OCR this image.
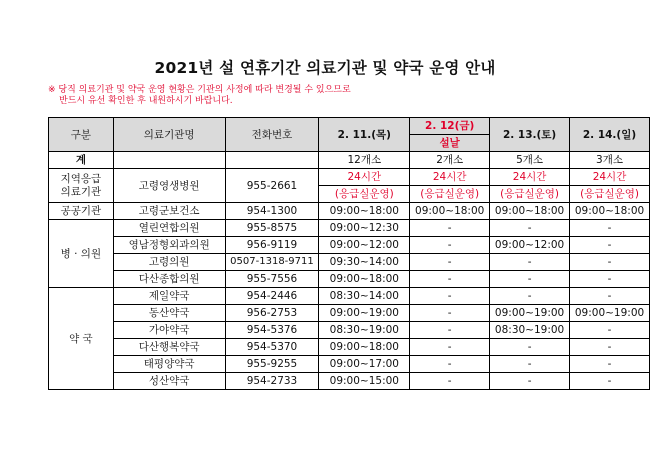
2021년 설 연휴기간 의료기관 및 약국 운영 안내
※ 당직 의료기관 및 약국 운영 현황은 기관의 사정에 따라 변경될 수 있으므로
반드시 유선 확인한 후 내원하시기 바랍니다.
구분	의료기관명	전화번호	2. 11.(목)	2. 12(금)	2. 13.(토)	2. 14.(일)
				설날		
계			12개소	2개소	5개소	3개소

지역응급
의료기관	고령영생병원	955-2661	24시간	24시간	24시간	24시간
			(응급실운영)	(응급실운영)	(응급실운영)	(응급실운영)
공공기관	고령군보건소	954-1300	09:00~18:00	09:00~18:00	09:00~18:00	09:00~18:00
병 · 의원	열린연합의원	955-8575	09:00~12:30	-	-	-
	영남정형외과의원	956-9119	09:00~12:00	-	09:00~12:00	-
	고령의원	0507-1318-9711	09:30~14:00	-	-	-
	다산종합의원	955-7556	09:00~18:00	-	-	-
약 국	제일약국	954-2446	08:30~14:00	-	-	-
	동산약국	956-2753	09:00~19:00	-	09:00~19:00	09:00~19:00
	가야약국	954-5376	08:30~19:00	-	08:30~19:00	-
	다산행복약국	954-5370	09:00~18:00	-	-	-
	태평양약국	955-9255	09:00~17:00	-	-	-
	성산약국	954-2733	09:00~15:00	-	-	-
